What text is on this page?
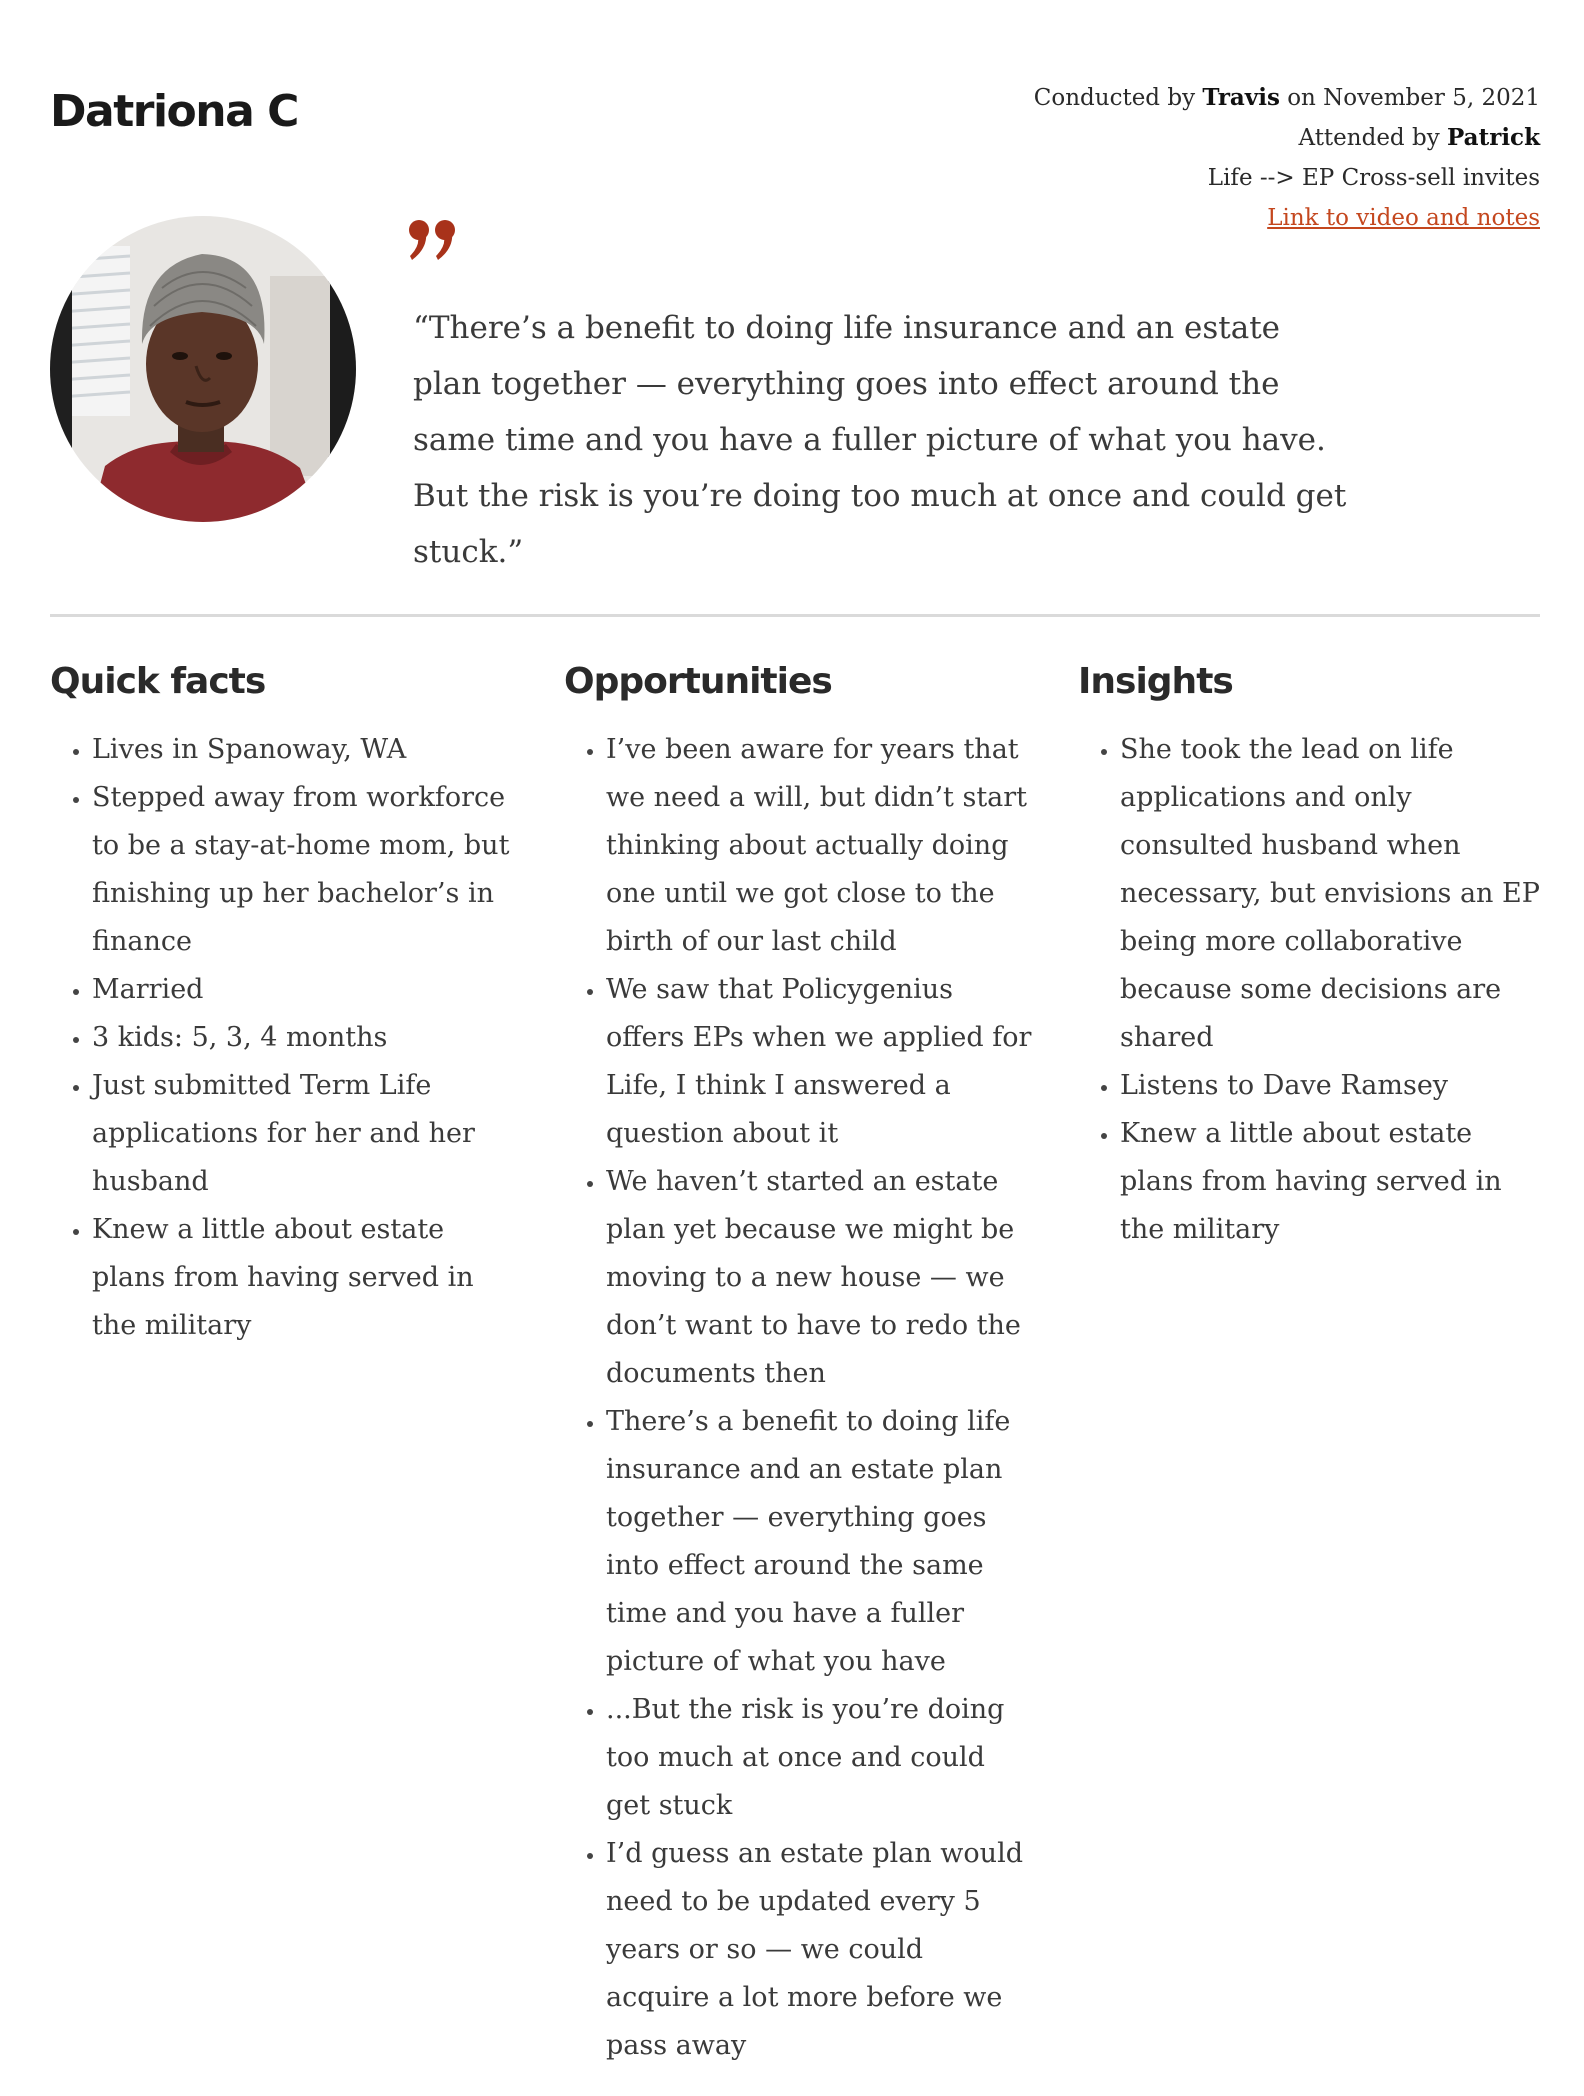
Datriona C	Conducted by Travis on November 5, 2021
Attended by Patrick
Life --> EP Cross-sell invites
Link to video and notes

“There’s a benefit to doing life insurance and an estate plan together — everything goes into effect around the same time and you have a fuller picture of what you have. But the risk is you’re doing too much at once and could get stuck.”

Quick facts
• Lives in Spanoway, WA
• Stepped away from workforce to be a stay-at-home mom, but finishing up her bachelor’s in finance
• Married
• 3 kids: 5, 3, 4 months
• Just submitted Term Life applications for her and her husband
• Knew a little about estate plans from having served in the military
Opportunities
• I’ve been aware for years that we need a will, but didn’t start thinking about actually doing one until we got close to the birth of our last child
• We saw that Policygenius offers EPs when we applied for Life, I think I answered a question about it
• We haven’t started an estate plan yet because we might be moving to a new house — we don’t want to have to redo the documents then
• There’s a benefit to doing life insurance and an estate plan together — everything goes into effect around the same time and you have a fuller picture of what you have
• ...But the risk is you’re doing too much at once and could get stuck
• I’d guess an estate plan would need to be updated every 5 years or so — we could acquire a lot more before we pass away
Insights
• She took the lead on life applications and only consulted husband when necessary, but envisions an EP being more collaborative because some decisions are shared
• Listens to Dave Ramsey
• Knew a little about estate plans from having served in the military
